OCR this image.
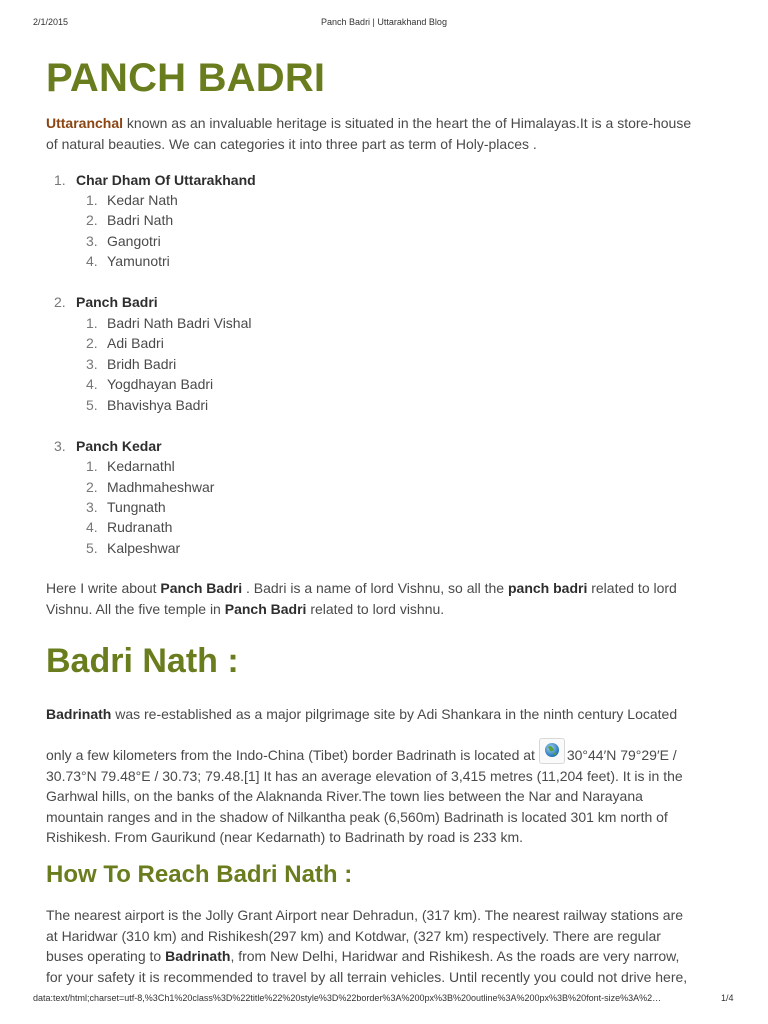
2/1/2015	Panch Badri | Uttarakhand Blog
PANCH BADRI

Uttaranchal known as an invaluable heritage is situated in the heart the of Himalayas.It is a store-house
of natural beauties. We can categories it into three part as term of Holy-places .

1. Char Dham Of Uttarakhand
1. Kedar Nath
2. Badri Nath
3. Gangotri
4. Yamunotri
2. Panch Badri
1. Badri Nath Badri Vishal
2. Adi Badri
3. Bridh Badri
4. Yogdhayan Badri
5. Bhavishya Badri
3. Panch Kedar
1. Kedarnathl
2. Madhmaheshwar
3. Tungnath
4. Rudranath
5. Kalpeshwar

Here I write about Panch Badri . Badri is a name of lord Vishnu, so all the panch badri related to lord
Vishnu. All the five temple in Panch Badri related to lord vishnu.

Badri Nath :

Badrinath was re-established as a major pilgrimage site by Adi Shankara in the ninth century Located

only a few kilometers from the Indo-China (Tibet) border Badrinath is located at
30°44′N 79°29′E /
30.73°N 79.48°E / 30.73; 79.48.[1] It has an average elevation of 3,415 metres (11,204 feet). It is in the
Garhwal hills, on the banks of the Alaknanda River.The town lies between the Nar and Narayana
mountain ranges and in the shadow of Nilkantha peak (6,560m) Badrinath is located 301 km north of
Rishikesh. From Gaurikund (near Kedarnath) to Badrinath by road is 233 km.

How To Reach Badri Nath :

The nearest airport is the Jolly Grant Airport near Dehradun, (317 km). The nearest railway stations are
at Haridwar (310 km) and Rishikesh(297 km) and Kotdwar, (327 km) respectively. There are regular
buses operating to Badrinath, from New Delhi, Haridwar and Rishikesh. As the roads are very narrow,
for your safety it is recommended to travel by all terrain vehicles. Until recently you could not drive here,

data:text/html;charset=utf-8,%3Ch1%20class%3D%22title%22%20style%3D%22border%3A%200px%3B%20outline%3A%200px%3B%20font-size%3A%2…	1/4
